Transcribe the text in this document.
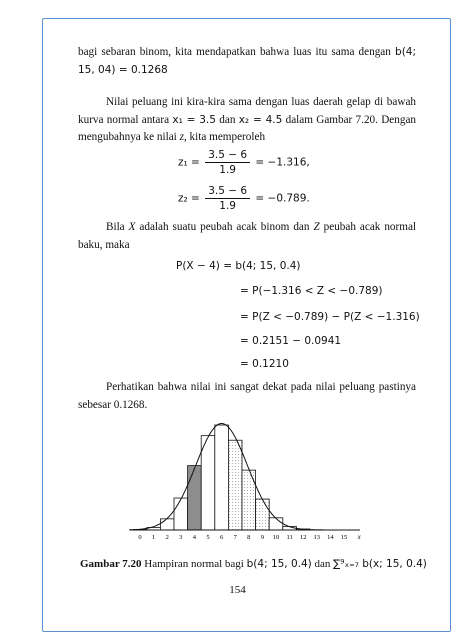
bagi sebaran binom, kita mendapatkan bahwa luas itu sama dengan b(4; 15, 04) = 0.1268
Nilai peluang ini kira-kira sama dengan luas daerah gelap di bawah kurva normal antara x₁ = 3.5 dan x₂ = 4.5 dalam Gambar 7.20. Dengan mengubahnya ke nilai z, kita memperoleh
$z_1 = \frac{3.5 - 6}{1.9} = -1.316$,
$z_2 = \frac{3.5 - 6}{1.9} = -0.789$.
Bila X adalah suatu peubah acak binom dan Z peubah acak normal baku, maka
P(X − 4) = b(4; 15, 0.4)
= P(−1.316 < Z < −0.789)
= P(Z < −0.789) − P(Z < −1.316)
= 0.2151 − 0.0941
= 0.1210
Perhatikan bahwa nilai ini sangat dekat pada nilai peluang pastinya sebesar 0.1268.
0 1 2 3 4 5 6 7 8 9 10 11 12 13 14 15 x
Gambar 7.20 Hampiran normal bagi b(4; 15, 0.4) dan ∑⁹ₓ₌₇ b(x; 15, 0.4)
154
